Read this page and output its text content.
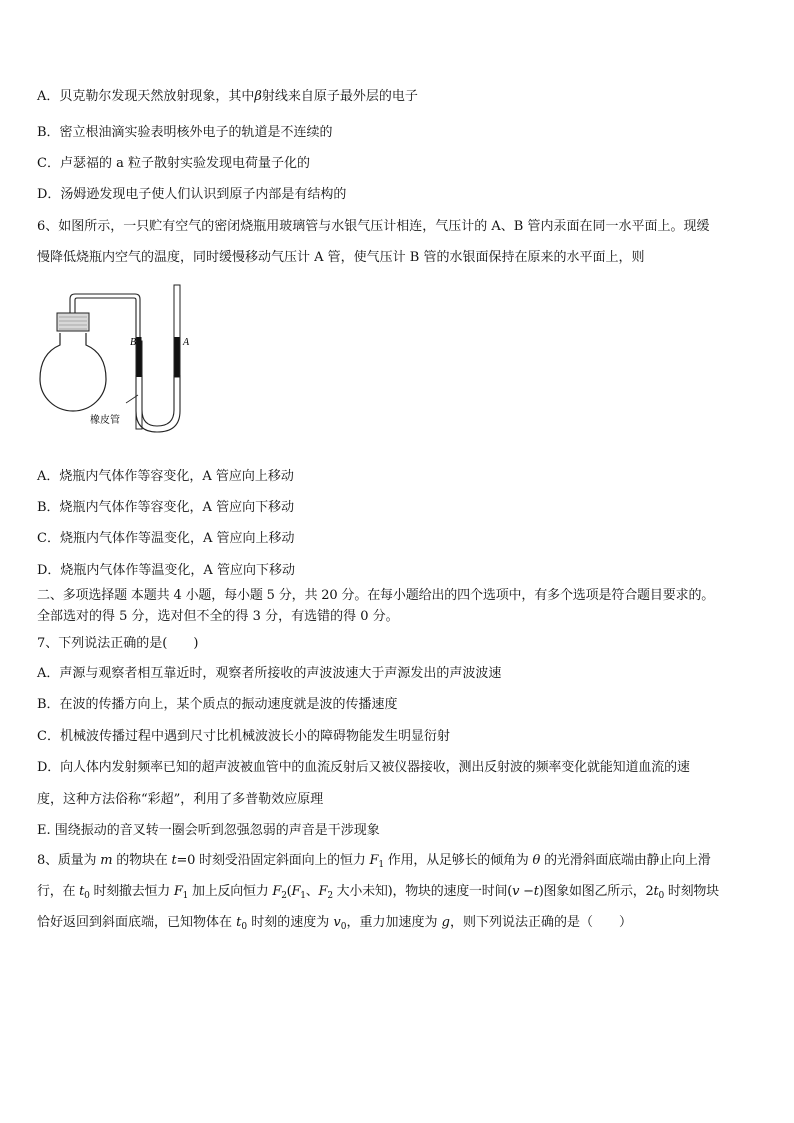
A．贝克勒尔发现天然放射现象，其中β射线来自原子最外层的电子
B．密立根油滴实验表明核外电子的轨道是不连续的
C．卢瑟福的 a 粒子散射实验发现电荷量子化的
D．汤姆逊发现电子使人们认识到原子内部是有结构的
6、如图所示，一只贮有空气的密闭烧瓶用玻璃管与水银气压计相连，气压计的 A、B 管内汞面在同一水平面上。现缓
慢降低烧瓶内空气的温度，同时缓慢移动气压计 A 管，使气压计 B 管的水银面保持在原来的水平面上，则
B	A
橡皮管
A．烧瓶内气体作等容变化，A 管应向上移动
B．烧瓶内气体作等容变化，A 管应向下移动
C．烧瓶内气体作等温变化，A 管应向上移动
D．烧瓶内气体作等温变化，A 管应向下移动
二、多项选择题 本题共 4 小题，每小题 5 分，共 20 分。在每小题给出的四个选项中，有多个选项是符合题目要求的。
全部选对的得 5 分，选对但不全的得 3 分，有选错的得 0 分。
7、下列说法正确的是(　　)
A．声源与观察者相互靠近时，观察者所接收的声波波速大于声源发出的声波波速
B．在波的传播方向上，某个质点的振动速度就是波的传播速度
C．机械波传播过程中遇到尺寸比机械波波长小的障碍物能发生明显衍射
D．向人体内发射频率已知的超声波被血管中的血流反射后又被仪器接收，测出反射波的频率变化就能知道血流的速
度，这种方法俗称“彩超”，利用了多普勒效应原理
E. 围绕振动的音叉转一圈会听到忽强忽弱的声音是干涉现象
8、质量为 m 的物块在 t=0 时刻受沿固定斜面向上的恒力 $F_1$ 作用，从足够长的倾角为 θ 的光滑斜面底端由静止向上滑
行，在 $t_0$ 时刻撤去恒力 $F_1$ 加上反向恒力 $F_2(F_1$、$F_2$ 大小未知)，物块的速度一时间(v −t)图象如图乙所示，$2t_0$ 时刻物块
恰好返回到斜面底端，已知物体在 $t_0$ 时刻的速度为 $v_0$，重力加速度为 g，则下列说法正确的是（　　）
